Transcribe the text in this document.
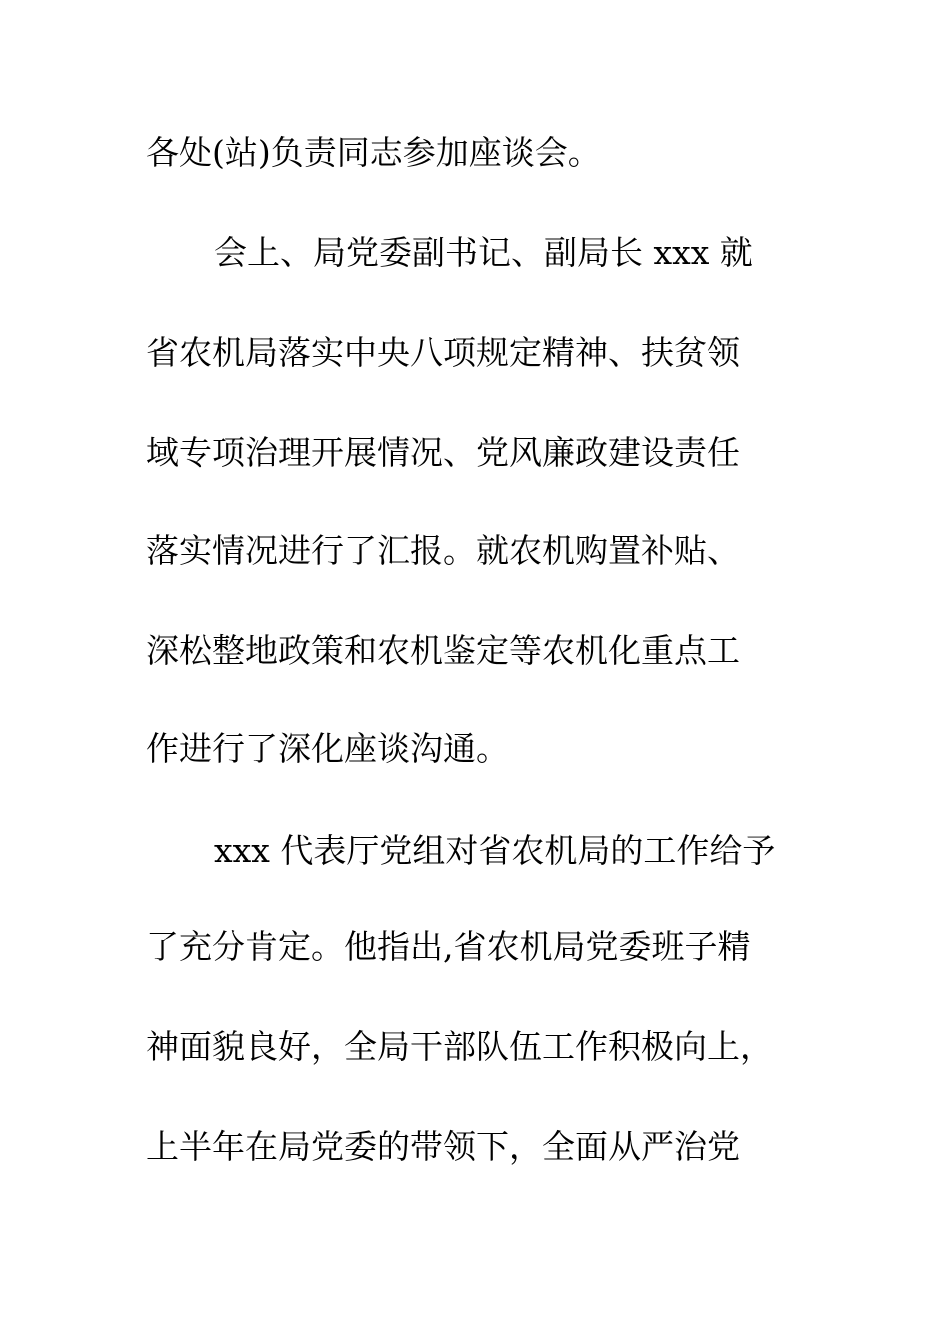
各处(站)负责同志参加座谈会。
会上、局党委副书记、副局长 xxx 就
省农机局落实中央八项规定精神、扶贫领
域专项治理开展情况、党风廉政建设责任
落实情况进行了汇报。就农机购置补贴、
深松整地政策和农机鉴定等农机化重点工
作进行了深化座谈沟通。
xxx 代表厅党组对省农机局的工作给予
了充分肯定。他指出,省农机局党委班子精
神面貌良好，全局干部队伍工作积极向上，
上半年在局党委的带领下，全面从严治党
